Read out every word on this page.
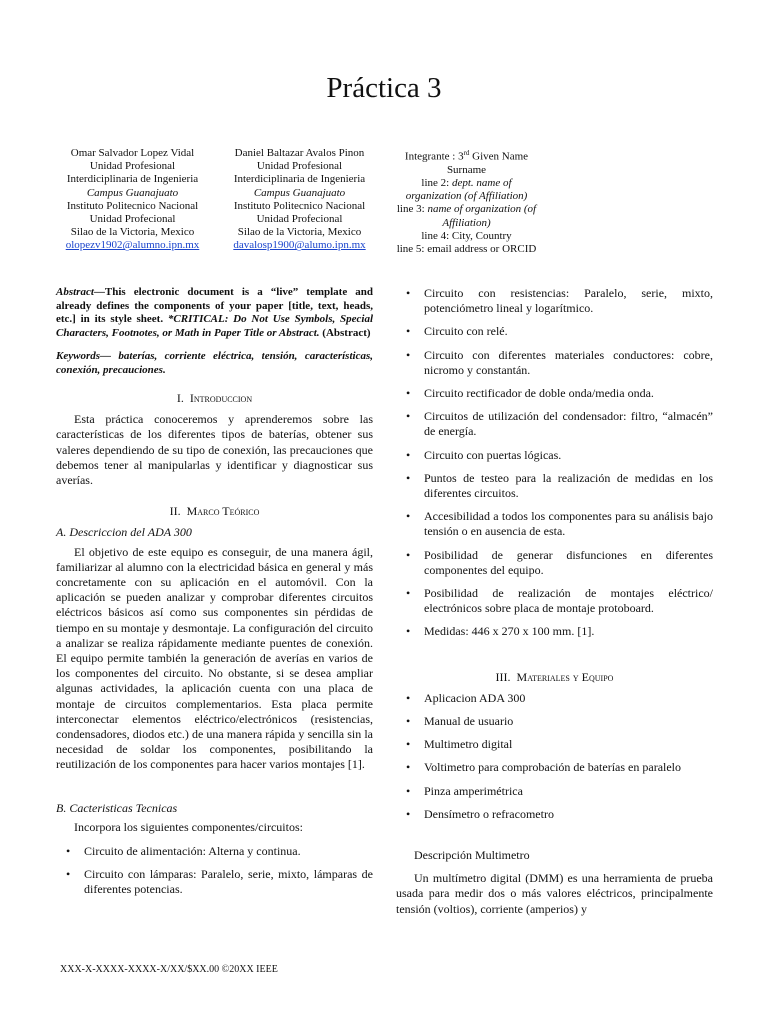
Práctica 3
Omar Salvador Lopez Vidal
Unidad Profesional
Interdiciplinaria de Ingenieria
Campus Guanajuato
Instituto Politecnico Nacional
Unidad Profecional
Silao de la Victoria, Mexico
olopezv1902@alumno.ipn.mx
Daniel Baltazar Avalos Pinon
Unidad Profesional
Interdiciplinaria de Ingenieria
Campus Guanajuato
Instituto Politecnico Nacional
Unidad Profecional
Silao de la Victoria, Mexico
davalosp1900@alumo.ipn.mx
Integrante : 3rd Given Name
Surname
line 2: dept. name of
organization (of Affiliation)
line 3: name of organization (of
Affiliation)
line 4: City, Country
line 5: email address or ORCID

Abstract—This electronic document is a “live” template and already defines the components of your paper [title, text, heads, etc.] in its style sheet. *CRITICAL: Do Not Use Symbols, Special Characters, Footnotes, or Math in Paper Title or Abstract. (Abstract)

Keywords— baterías, corriente eléctrica, tensión, características, conexión, precauciones.

I. Introduccion

Esta práctica conoceremos y aprenderemos sobre las características de los diferentes tipos de baterías, obtener sus valeres dependiendo de su tipo de conexión, las precauciones que debemos tener al manipularlas y identificar y diagnosticar sus averías.

II. Marco Teórico
A. Descriccion del ADA 300

El objetivo de este equipo es conseguir, de una manera ágil, familiarizar al alumno con la electricidad básica en general y más concretamente con su aplicación en el automóvil. Con la aplicación se pueden analizar y comprobar diferentes circuitos eléctricos básicos así como sus componentes sin pérdidas de tiempo en su montaje y desmontaje. La configuración del circuito a analizar se realiza rápidamente mediante puentes de conexión. El equipo permite también la generación de averías en varios de los componentes del circuito. No obstante, si se desea ampliar algunas actividades, la aplicación cuenta con una placa de montaje de circuitos complementarios. Esta placa permite interconectar elementos eléctrico/electrónicos (resistencias, condensadores, diodos etc.) de una manera rápida y sencilla sin la necesidad de soldar los componentes, posibilitando la reutilización de los componentes para hacer varios montajes [1].

B. Cacteristicas Tecnicas

Incorpora los siguientes componentes/circuitos:

• Circuito de alimentación: Alterna y continua.
• Circuito con lámparas: Paralelo, serie, mixto, lámparas de diferentes potencias.
• Circuito con resistencias: Paralelo, serie, mixto, potenciómetro lineal y logarítmico.
• Circuito con relé.
• Circuito con diferentes materiales conductores: cobre, nicromo y constantán.
• Circuito rectificador de doble onda/media onda.
• Circuitos de utilización del condensador: filtro, “almacén” de energía.
• Circuito con puertas lógicas.
• Puntos de testeo para la realización de medidas en los diferentes circuitos.
• Accesibilidad a todos los componentes para su análisis bajo tensión o en ausencia de esta.
• Posibilidad de generar disfunciones en diferentes componentes del equipo.
• Posibilidad de realización de montajes eléctrico/ electrónicos sobre placa de montaje protoboard.
• Medidas: 446 x 270 x 100 mm. [1].
III. Materiales y Equipo
• Aplicacion ADA 300
• Manual de usuario
• Multimetro digital
• Voltimetro para comprobación de baterías en paralelo
• Pinza amperimétrica
• Densímetro o refracometro

Descripción Multimetro

Un multímetro digital (DMM) es una herramienta de prueba usada para medir dos o más valores eléctricos, principalmente tensión (voltios), corriente (amperios) y

XXX-X-XXXX-XXXX-X/XX/$XX.00 ©20XX IEEE
